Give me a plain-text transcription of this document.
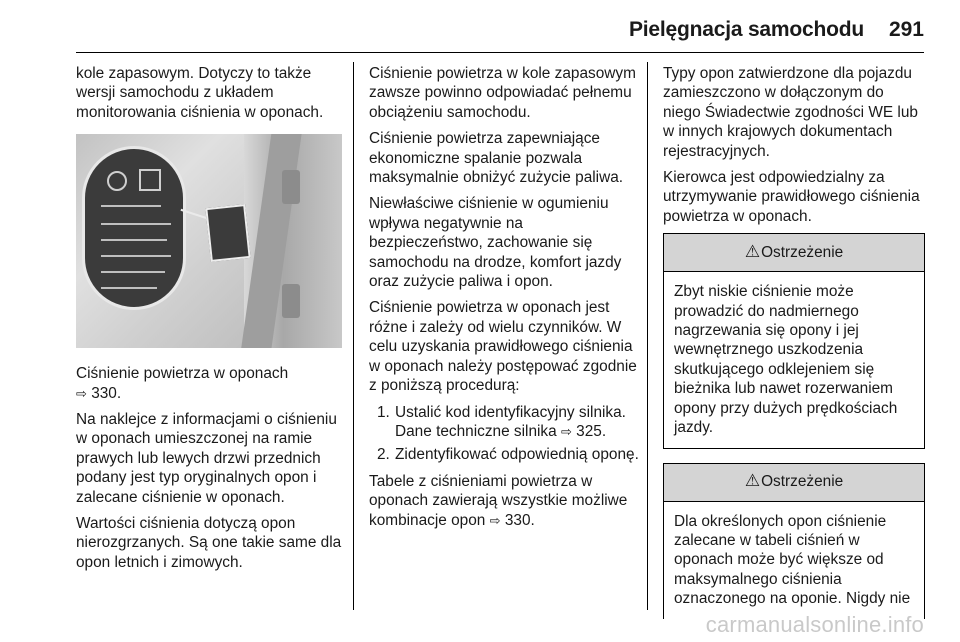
Pielęgnacja samochodu 291

kole zapasowym. Dotyczy to także wersji samochodu z układem monitorowania ciśnienia w oponach.

Ciśnienie powietrza w oponach
⇨ 330.

Na naklejce z informacjami o ciśnieniu w oponach umieszczonej na ramie prawych lub lewych drzwi przednich podany jest typ oryginalnych opon i zalecane ciśnienie w oponach.

Wartości ciśnienia dotyczą opon nierozgrzanych. Są one takie same dla opon letnich i zimowych.

Ciśnienie powietrza w kole zapasowym zawsze powinno odpowiadać pełnemu obciążeniu samochodu.

Ciśnienie powietrza zapewniające ekonomiczne spalanie pozwala maksymalnie obniżyć zużycie paliwa.

Niewłaściwe ciśnienie w ogumieniu wpływa negatywnie na bezpieczeństwo, zachowanie się samochodu na drodze, komfort jazdy oraz zużycie paliwa i opon.

Ciśnienie powietrza w oponach jest różne i zależy od wielu czynników. W celu uzyskania prawidłowego ciśnienia w oponach należy postępować zgodnie z poniższą procedurą:

1. Ustalić kod identyfikacyjny silnika. Dane techniczne silnika ⇨ 325.
2. Zidentyfikować odpowiednią oponę.

Tabele z ciśnieniami powietrza w oponach zawierają wszystkie możliwe kombinacje opon ⇨ 330.

Typy opon zatwierdzone dla pojazdu zamieszczono w dołączonym do niego Świadectwie zgodności WE lub w innych krajowych dokumentach rejestracyjnych.

Kierowca jest odpowiedzialny za utrzymywanie prawidłowego ciśnienia powietrza w oponach.

⚠ Ostrzeżenie
Zbyt niskie ciśnienie może prowadzić do nadmiernego nagrzewania się opony i jej wewnętrznego uszkodzenia skutkującego odklejeniem się bieżnika lub nawet rozerwaniem opony przy dużych prędkościach jazdy.
⚠ Ostrzeżenie
Dla określonych opon ciśnienie zalecane w tabeli ciśnień w oponach może być większe od maksymalnego ciśnienia oznaczonego na oponie. Nigdy nie
carmanualsonline.info
